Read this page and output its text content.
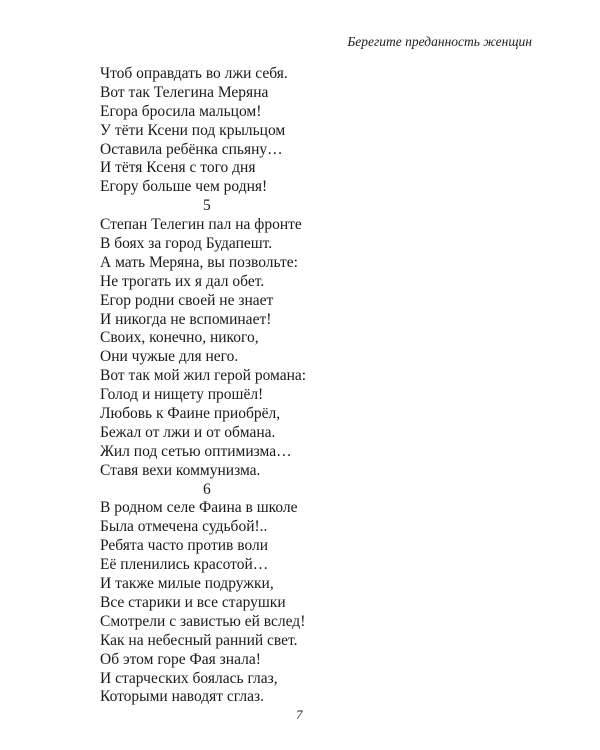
Берегите преданность женщин
Чтоб оправдать во лжи себя.
Вот так Телегина Меряна
Егора бросила мальцом!
У тёти Ксени под крыльцом
Оставила ребёнка спьяну…
И тётя Ксеня с того дня
Егору больше чем родня!
5
Степан Телегин пал на фронте
В боях за город Будапешт.
А мать Меряна, вы позвольте:
Не трогать их я дал обет.
Егор родни своей не знает
И никогда не вспоминает!
Своих, конечно, никого,
Они чужые для него.
Вот так мой жил герой романа:
Голод и нищету прошёл!
Любовь к Фаине приобрёл,
Бежал от лжи и от обмана.
Жил под сетью оптимизма…
Ставя вехи коммунизма.
6
В родном селе Фаина в школе
Была отмечена судьбой!..
Ребята часто против воли
Её пленились красотой…
И также милые подружки,
Все старики и все старушки
Смотрели с завистью ей вслед!
Как на небесный ранний свет.
Об этом горе Фая знала!
И старческих боялась глаз,
Которыми наводят сглаз.
7
